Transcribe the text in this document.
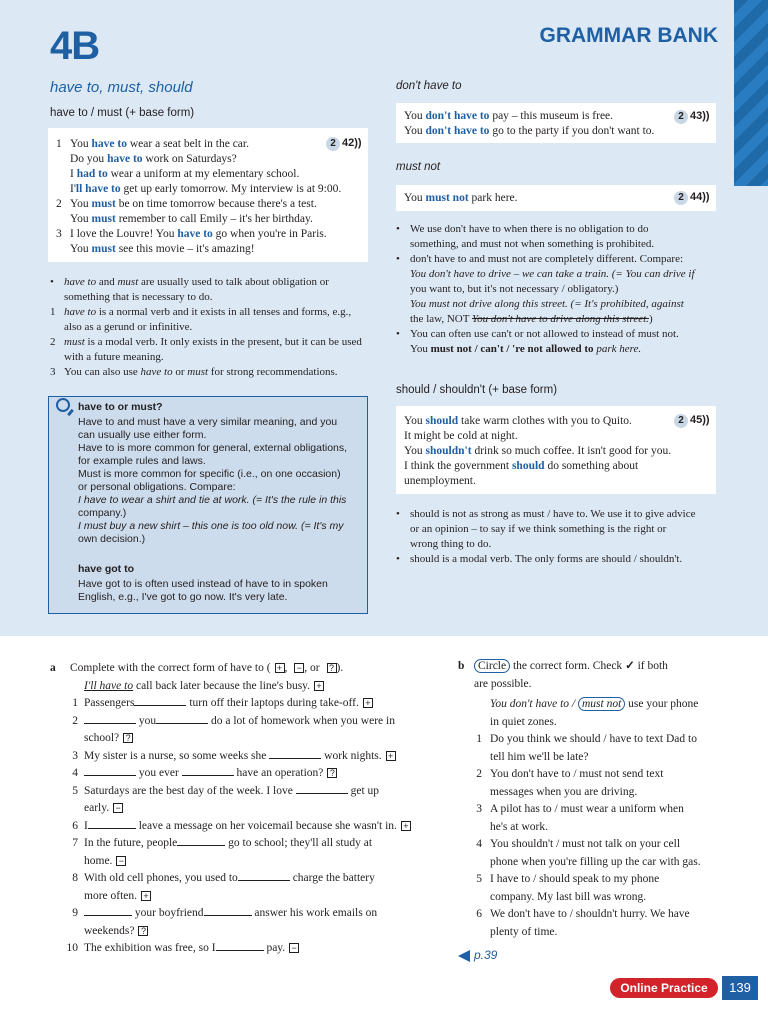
4B	GRAMMAR BANK
have to, must, should
have to / must (+ base form)
2 42))
1 You have to wear a seat belt in the car.
Do you have to work on Saturdays?
I had to wear a uniform at my elementary school.
I'll have to get up early tomorrow. My interview is at 9:00.
2 You must be on time tomorrow because there's a test.
You must remember to call Emily – it's her birthday.
3 I love the Louvre! You have to go when you're in Paris.
You must see this movie – it's amazing!
• have to and must are usually used to talk about obligation or something that is necessary to do.
1 have to is a normal verb and it exists in all tenses and forms, e.g., also as a gerund or infinitive.
2 must is a modal verb. It only exists in the present, but it can be used with a future meaning.
3 You can also use have to or must for strong recommendations.
have to or must?
Have to and must have a very similar meaning, and you
can usually use either form.
Have to is more common for general, external obligations,
for example rules and laws.
Must is more common for specific (i.e., on one occasion)
or personal obligations. Compare:
I have to wear a shirt and tie at work. (= It's the rule in this
company.)
I must buy a new shirt – this one is too old now. (= It's my
own decision.)
have got to
Have got to is often used instead of have to in spoken
English, e.g., I've got to go now. It's very late.
don't have to
You don't have to pay – this museum is free.
You don't have to go to the party if you don't want to.
2 43))
must not
You must not park here.	2 44))
• We use don't have to when there is no obligation to do
something, and must not when something is prohibited.
• don't have to and must not are completely different. Compare:
You don't have to drive – we can take a train. (= You can drive if
you want to, but it's not necessary / obligatory.)
You must not drive along this street. (= It's prohibited, against
the law, NOT You don't have to drive along this street.)
• You can often use can't or not allowed to instead of must not.
You must not / can't / 're not allowed to park here.
should / shouldn't (+ base form)
You should take warm clothes with you to Quito.
It might be cold at night.
You shouldn't drink so much coffee. It isn't good for you.
I think the government should do something about
unemployment.
2 45))
• should is not as strong as must / have to. We use it to give advice
or an opinion – to say if we think something is the right or
wrong thing to do.
• should is a modal verb. The only forms are should / shouldn't.
a Complete with the correct form of have to ( + , − , or ? ).
I'll have to call back later because the line's busy. +
1 Passengers	turn off their laptops during take-off. +
2	you	do a lot of homework when you were in
school? ?
3 My sister is a nurse, so some weeks she	work nights. +
4	you ever	have an operation? ?
5 Saturdays are the best day of the week. I love	get up
early. −
6 I	leave a message on her voicemail because she wasn't in. +
7 In the future, people	go to school; they'll all study at
home. −
8 With old cell phones, you used to	charge the battery
more often. +
9	your boyfriend	answer his work emails on
weekends? ?
10 The exhibition was free, so I	pay. −
b Circle the correct form. Check ✓ if both
are possible.
You don't have to / must not use your phone
in quiet zones.
1 Do you think we should / have to text Dad to
tell him we'll be late?
2 You don't have to / must not send text
messages when you are driving.
3 A pilot has to / must wear a uniform when
he's at work.
4 You shouldn't / must not talk on your cell
phone when you're filling up the car with gas.
5 I have to / should speak to my phone
company. My last bill was wrong.
6 We don't have to / shouldn't hurry. We have
plenty of time.
p.39
Online Practice	139
